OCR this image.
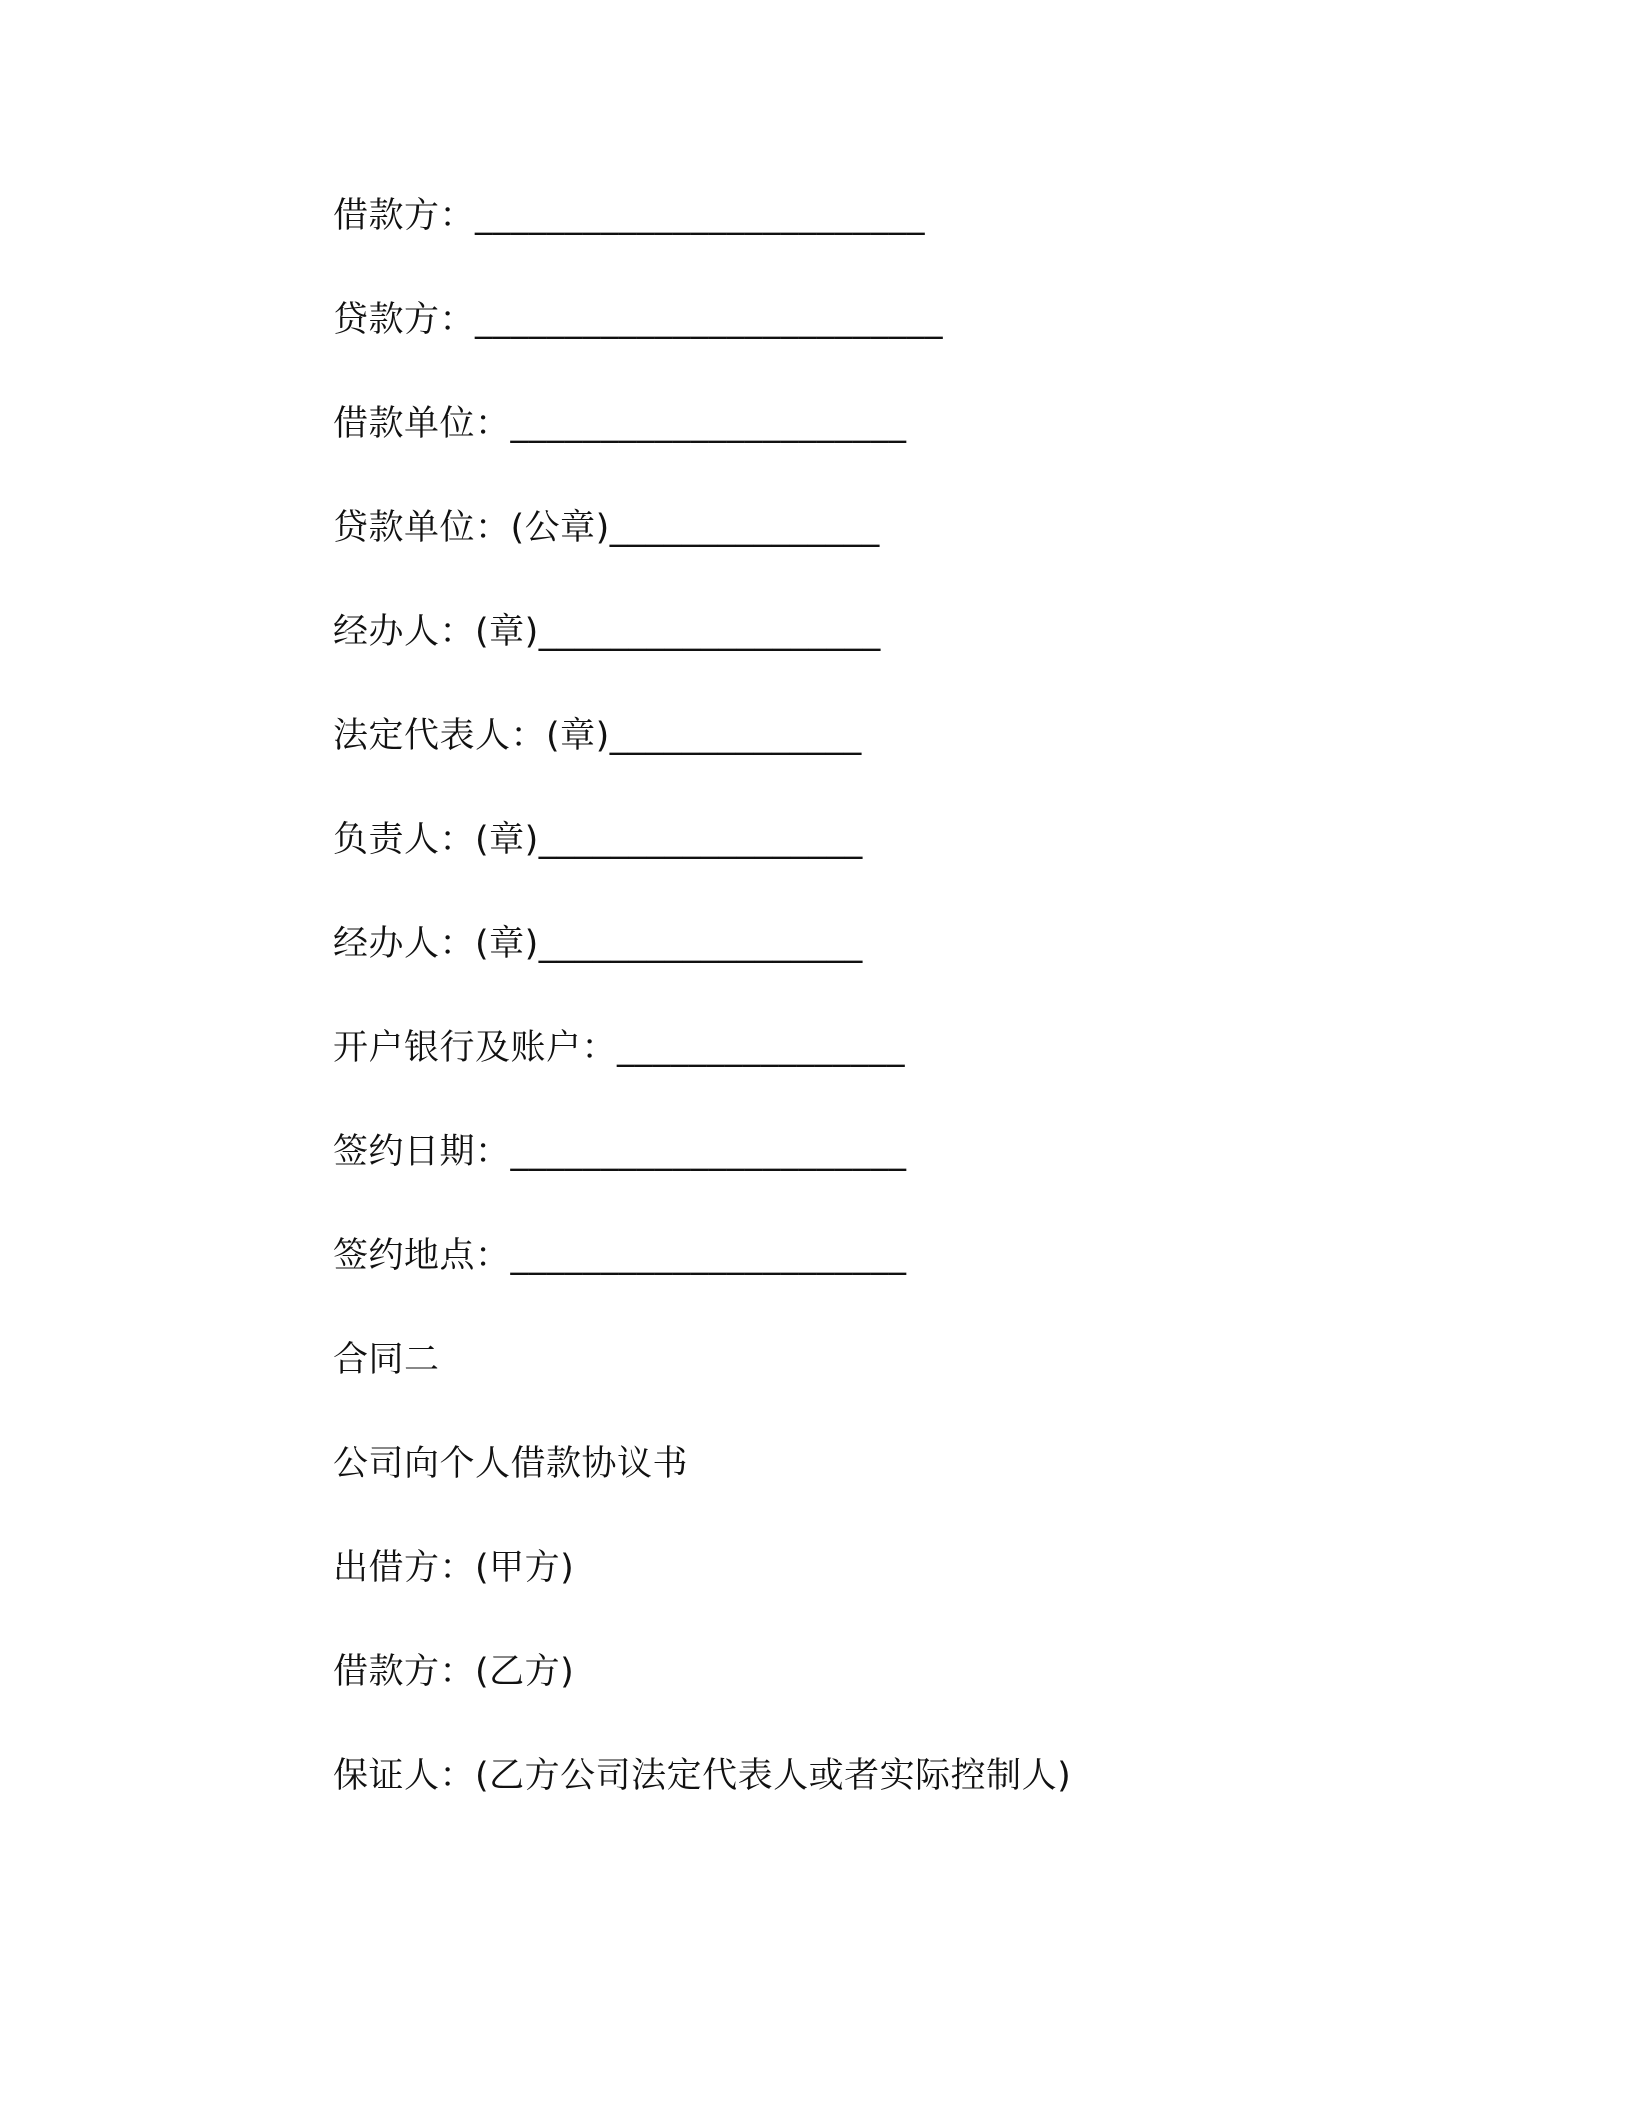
借款方：_________________________
贷款方：__________________________
借款单位：______________________
贷款单位：(公章)_______________
经办人：(章)___________________
法定代表人：(章)______________
负责人：(章)__________________
经办人：(章)__________________
开户银行及账户：________________
签约日期：______________________
签约地点：______________________
合同二
公司向个人借款协议书
出借方：(甲方)
借款方：(乙方)
保证人：(乙方公司法定代表人或者实际控制人)
